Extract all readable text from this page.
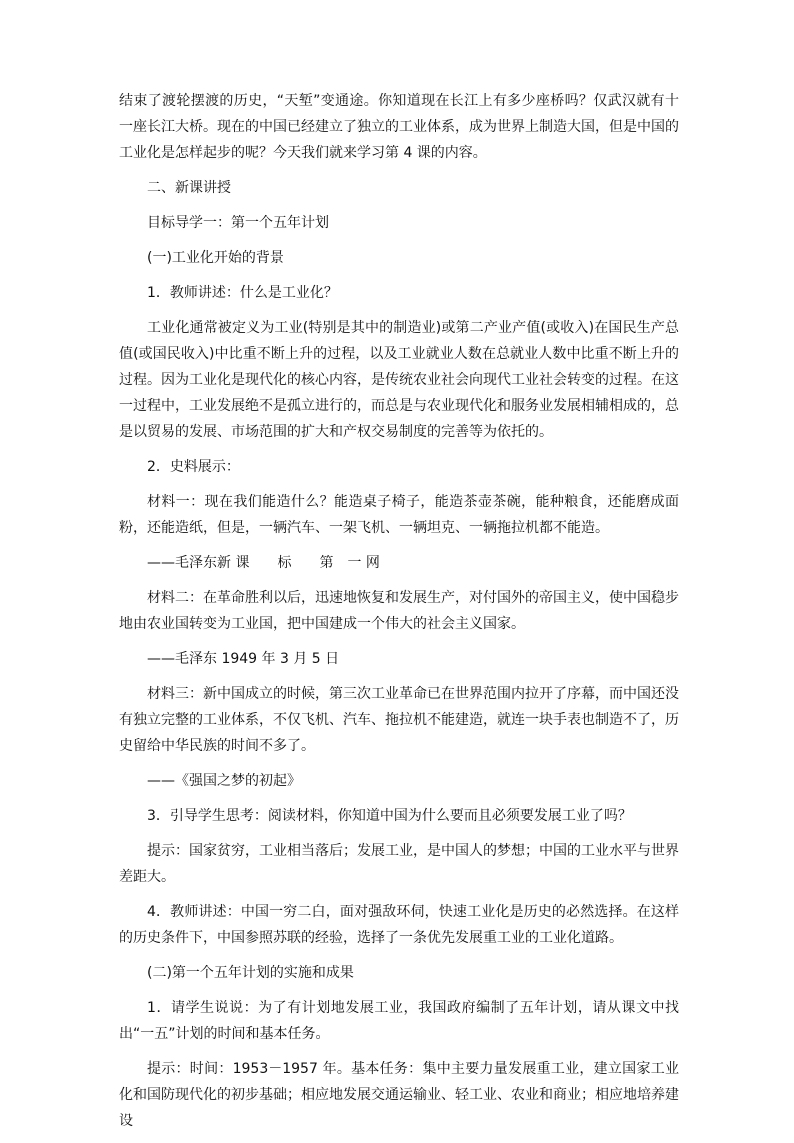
结束了渡轮摆渡的历史，“天堑”变通途。你知道现在长江上有多少座桥吗？仅武汉就有十一座长江大桥。现在的中国已经建立了独立的工业体系，成为世界上制造大国，但是中国的工业化是怎样起步的呢？今天我们就来学习第 4 课的内容。

二、新课讲授

目标导学一：第一个五年计划

(一)工业化开始的背景

1．教师讲述：什么是工业化？

工业化通常被定义为工业(特别是其中的制造业)或第二产业产值(或收入)在国民生产总值(或国民收入)中比重不断上升的过程，以及工业就业人数在总就业人数中比重不断上升的过程。因为工业化是现代化的核心内容，是传统农业社会向现代工业社会转变的过程。在这一过程中，工业发展绝不是孤立进行的，而总是与农业现代化和服务业发展相辅相成的，总是以贸易的发展、市场范围的扩大和产权交易制度的完善等为依托的。

2．史料展示：

材料一：现在我们能造什么？能造桌子椅子，能造茶壶茶碗，能种粮食，还能磨成面粉，还能造纸，但是，一辆汽车、一架飞机、一辆坦克、一辆拖拉机都不能造。

——毛泽东新 课　　标　　第　一 网

材料二：在革命胜利以后，迅速地恢复和发展生产，对付国外的帝国主义，使中国稳步地由农业国转变为工业国，把中国建成一个伟大的社会主义国家。

——毛泽东 1949 年 3 月 5 日

材料三：新中国成立的时候，第三次工业革命已在世界范围内拉开了序幕，而中国还没有独立完整的工业体系，不仅飞机、汽车、拖拉机不能建造，就连一块手表也制造不了，历史留给中华民族的时间不多了。

——《强国之梦的初起》

3．引导学生思考：阅读材料，你知道中国为什么要而且必须要发展工业了吗？

提示：国家贫穷，工业相当落后；发展工业，是中国人的梦想；中国的工业水平与世界差距大。

4．教师讲述：中国一穷二白，面对强敌环伺，快速工业化是历史的必然选择。在这样的历史条件下，中国参照苏联的经验，选择了一条优先发展重工业的工业化道路。

(二)第一个五年计划的实施和成果

1．请学生说说：为了有计划地发展工业，我国政府编制了五年计划，请从课文中找出“一五”计划的时间和基本任务。

提示：时间：1953－1957 年。基本任务：集中主要力量发展重工业，建立国家工业化和国防现代化的初步基础；相应地发展交通运输业、轻工业、农业和商业；相应地培养建设
